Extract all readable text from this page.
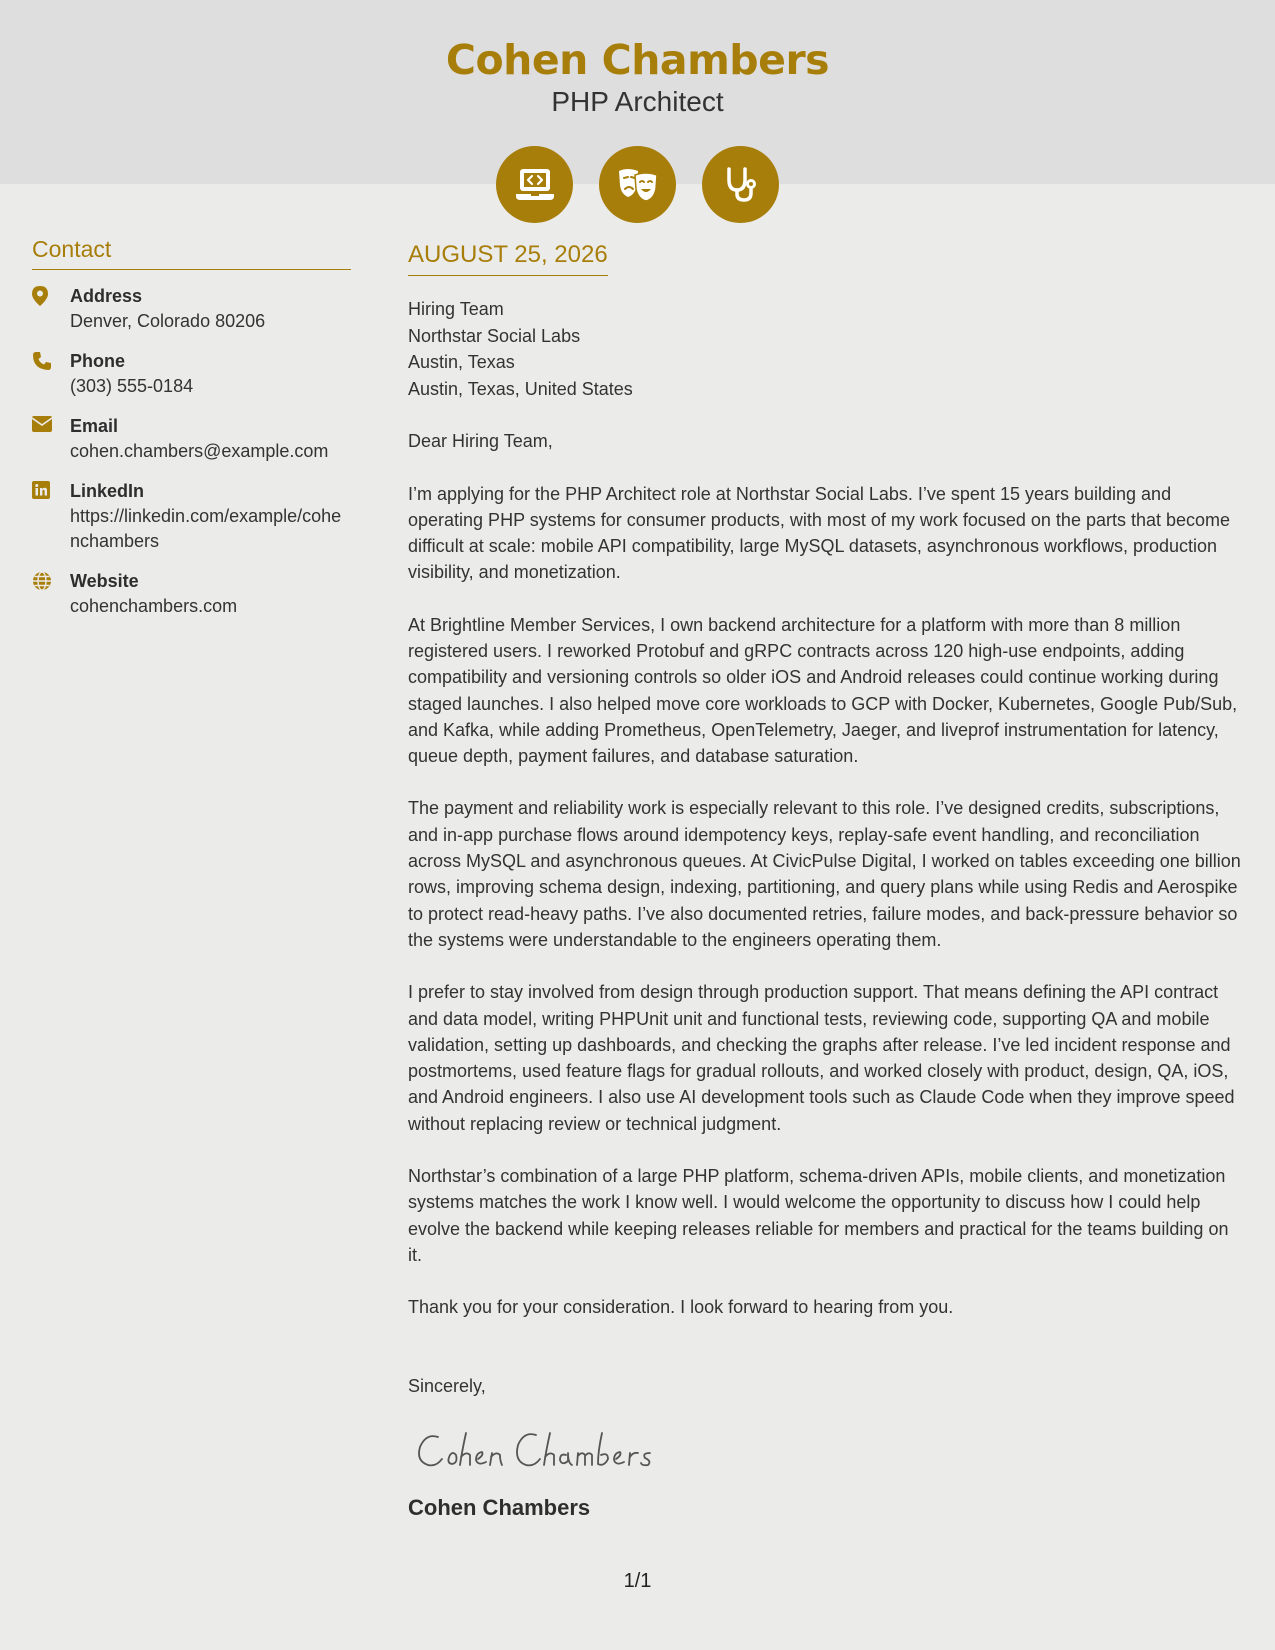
Cohen Chambers
PHP Architect
Contact
Address
Denver, Colorado 80206
Phone
(303) 555-0184
Email
cohen.chambers@example.com
LinkedIn
https://linkedin.com/example/cohenchambers
Website
cohenchambers.com
AUGUST 25, 2026
Hiring Team
Northstar Social Labs
Austin, Texas
Austin, Texas, United States
Dear Hiring Team,

I’m applying for the PHP Architect role at Northstar Social Labs. I’ve spent 15 years building and operating PHP systems for consumer products, with most of my work focused on the parts that become difficult at scale: mobile API compatibility, large MySQL datasets, asynchronous workflows, production visibility, and monetization.

At Brightline Member Services, I own backend architecture for a platform with more than 8 million registered users. I reworked Protobuf and gRPC contracts across 120 high-use endpoints, adding compatibility and versioning controls so older iOS and Android releases could continue working during staged launches. I also helped move core workloads to GCP with Docker, Kubernetes, Google Pub/Sub, and Kafka, while adding Prometheus, OpenTelemetry, Jaeger, and liveprof instrumentation for latency, queue depth, payment failures, and database saturation.

The payment and reliability work is especially relevant to this role. I’ve designed credits, subscriptions, and in-app purchase flows around idempotency keys, replay-safe event handling, and reconciliation across MySQL and asynchronous queues. At CivicPulse Digital, I worked on tables exceeding one billion rows, improving schema design, indexing, partitioning, and query plans while using Redis and Aerospike to protect read-heavy paths. I’ve also documented retries, failure modes, and back-pressure behavior so the systems were understandable to the engineers operating them.

I prefer to stay involved from design through production support. That means defining the API contract and data model, writing PHPUnit unit and functional tests, reviewing code, supporting QA and mobile validation, setting up dashboards, and checking the graphs after release. I’ve led incident response and postmortems, used feature flags for gradual rollouts, and worked closely with product, design, QA, iOS, and Android engineers. I also use AI development tools such as Claude Code when they improve speed without replacing review or technical judgment.

Northstar’s combination of a large PHP platform, schema-driven APIs, mobile clients, and monetization systems matches the work I know well. I would welcome the opportunity to discuss how I could help evolve the backend while keeping releases reliable for members and practical for the teams building on it.

Thank you for your consideration. I look forward to hearing from you.

Sincerely,
Cohen Chambers
1/1
